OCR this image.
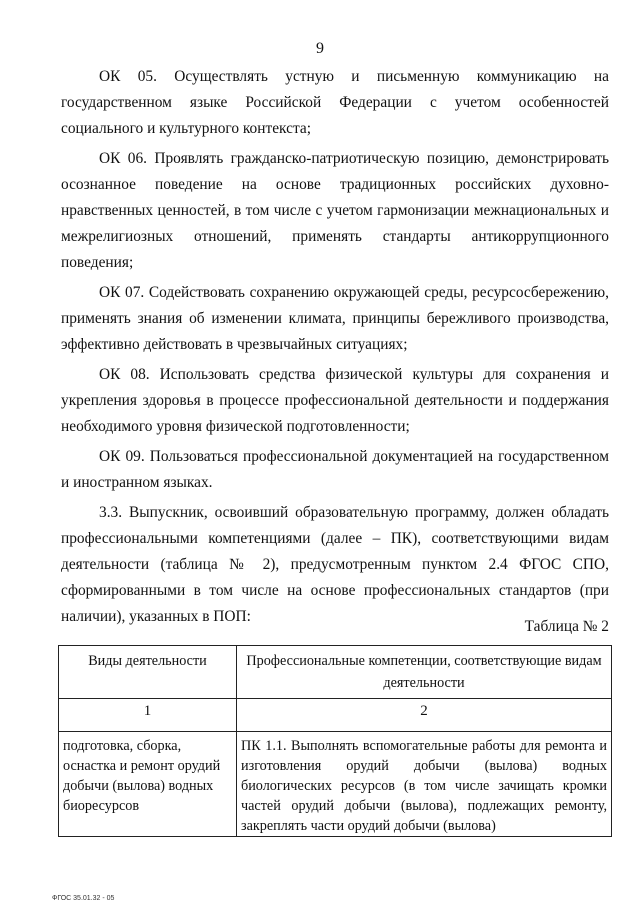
9

ОК 05. Осуществлять устную и письменную коммуникацию на государственном языке Российской Федерации с учетом особенностей социального и культурного контекста;

ОК 06. Проявлять гражданско-патриотическую позицию, демонстрировать осознанное поведение на основе традиционных российских духовно-нравственных ценностей, в том числе с учетом гармонизации межнациональных и межрелигиозных отношений, применять стандарты антикоррупционного поведения;

ОК 07. Содействовать сохранению окружающей среды, ресурсосбережению, применять знания об изменении климата, принципы бережливого производства, эффективно действовать в чрезвычайных ситуациях;

ОК 08. Использовать средства физической культуры для сохранения и укрепления здоровья в процессе профессиональной деятельности и поддержания необходимого уровня физической подготовленности;

ОК 09. Пользоваться профессиональной документацией на государственном и иностранном языках.

3.3. Выпускник, освоивший образовательную программу, должен обладать профессиональными компетенциями (далее – ПК), соответствующими видам деятельности (таблица № 2), предусмотренным пунктом 2.4 ФГОС СПО, сформированными в том числе на основе профессиональных стандартов (при наличии), указанных в ПОП:

Таблица № 2
Виды деятельности	Профессиональные компетенции, соответствующие видам деятельности
1	2
подготовка, сборка, оснастка и ремонт орудий добычи (вылова) водных биоресурсов	ПК 1.1. Выполнять вспомогательные работы для ремонта и изготовления орудий добычи (вылова) водных биологических ресурсов (в том числе зачищать кромки частей орудий добычи (вылова), подлежащих ремонту, закреплять части орудий добычи (вылова)
ФГОС 35.01.32 - 05
